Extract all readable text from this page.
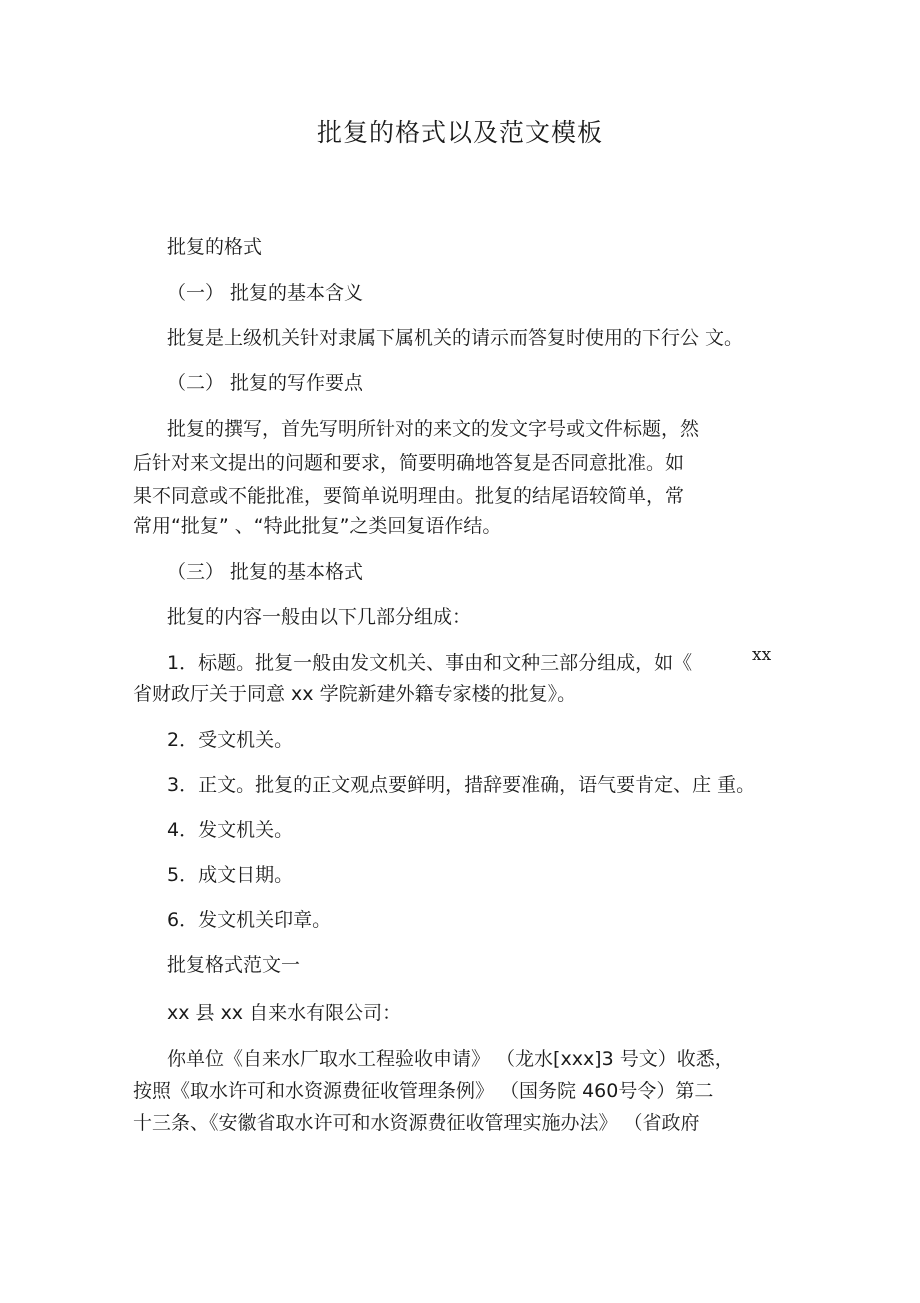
批复的格式以及范文模板
批复的格式
（一） 批复的基本含义
批复是上级机关针对隶属下属机关的请示而答复时使用的下行公 文。
（二） 批复的写作要点
批复的撰写，首先写明所针对的来文的发文字号或文件标题，然
后针对来文提出的问题和要求，简要明确地答复是否同意批准。如
果不同意或不能批准，要简单说明理由。批复的结尾语较简单，常
常用“批复” 、“特此批复”之类回复语作结。
（三） 批复的基本格式
批复的内容一般由以下几部分组成：
1．标题。批复一般由发文机关、事由和文种三部分组成，如《	xx
省财政厅关于同意 xx 学院新建外籍专家楼的批复》。
2．受文机关。
3．正文。批复的正文观点要鲜明，措辞要准确，语气要肯定、庄 重。
4．发文机关。
5．成文日期。
6．发文机关印章。
批复格式范文一
xx 县 xx 自来水有限公司：
你单位《自来水厂取水工程验收申请》 （龙水[xxx]3 号文）收悉，
按照《取水许可和水资源费征收管理条例》 （国务院 460号令）第二
十三条、《安徽省取水许可和水资源费征收管理实施办法》 （省政府
